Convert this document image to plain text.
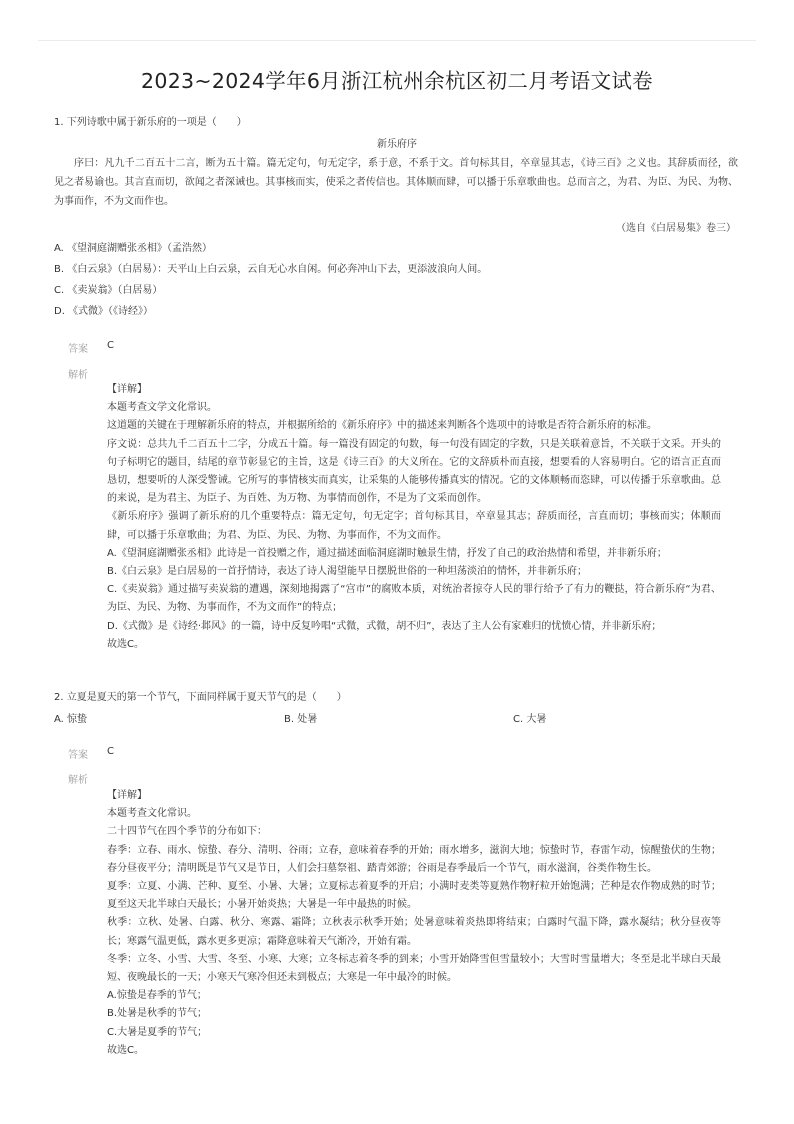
2023~2024学年6月浙江杭州余杭区初二月考语文试卷
1. 下列诗歌中属于新乐府的一项是（　　）
新乐府序
序曰：凡九千二百五十二言，断为五十篇。篇无定句，句无定字，系于意，不系于文。首句标其目，卒章显其志，《诗三百》之义也。其辞质而径，欲见之者易谕也。其言直而切，欲闻之者深诫也。其事核而实，使采之者传信也。其体顺而肆，可以播于乐章歌曲也。总而言之，为君、为臣、为民、为物、为事而作，不为文而作也。
（选自《白居易集》卷三）
A. 《望洞庭湖赠张丞相》（孟浩然）
B. 《白云泉》（白居易）：天平山上白云泉，云自无心水自闲。何必奔冲山下去，更添波浪向人间。
C. 《卖炭翁》（白居易）
D. 《式微》（《诗经》）
答案 C
解析

【详解】

本题考查文学文化常识。

这道题的关键在于理解新乐府的特点，并根据所给的《新乐府序》中的描述来判断各个选项中的诗歌是否符合新乐府的标准。

序文说：总共九千二百五十二字，分成五十篇。每一篇没有固定的句数，每一句没有固定的字数，只是关联着意旨，不关联于文采。开头的句子标明它的题目，结尾的章节彰显它的主旨，这是《诗三百》的大义所在。它的文辞质朴而直接，想要看的人容易明白。它的语言正直而恳切，想要听的人深受警诫。它所写的事情核实而真实，让采集的人能够传播真实的情况。它的文体顺畅而恣肆，可以传播于乐章歌曲。总的来说，是为君主、为臣子、为百姓、为万物、为事情而创作，不是为了文采而创作。

《新乐府序》强调了新乐府的几个重要特点：篇无定句，句无定字；首句标其目，卒章显其志；辞质而径，言直而切；事核而实；体顺而肆，可以播于乐章歌曲；为君、为臣、为民、为物、为事而作，不为文而作。

A.《望洞庭湖赠张丞相》此诗是一首投赠之作，通过描述面临洞庭湖时触景生情，抒发了自己的政治热情和希望，并非新乐府；

B.《白云泉》是白居易的一首抒情诗，表达了诗人渴望能早日摆脱世俗的一种坦荡淡泊的情怀，并非新乐府；

C.《卖炭翁》通过描写卖炭翁的遭遇，深刻地揭露了“宫市”的腐败本质，对统治者掠夺人民的罪行给予了有力的鞭挞，符合新乐府“为君、为臣、为民、为物、为事而作，不为文而作”的特点；

D.《式微》是《诗经·邶风》的一篇，诗中反复吟唱“式微，式微，胡不归”，表达了主人公有家难归的忧愤心情，并非新乐府；

故选C。

2. 立夏是夏天的第一个节气，下面同样属于夏天节气的是（　　）
A. 惊蛰	B. 处暑	C. 大暑
答案 C
解析

【详解】

本题考查文化常识。

二十四节气在四个季节的分布如下：

春季：立春、雨水、惊蛰、春分、清明、谷雨；立春，意味着春季的开始；雨水增多，滋润大地；惊蛰时节，春雷乍动，惊醒蛰伏的生物；春分昼夜平分；清明既是节气又是节日，人们会扫墓祭祖、踏青郊游；谷雨是春季最后一个节气，雨水滋润，谷类作物生长。

夏季：立夏、小满、芒种、夏至、小暑、大暑；立夏标志着夏季的开启；小满时麦类等夏熟作物籽粒开始饱满；芒种是农作物成熟的时节；夏至这天北半球白天最长；小暑开始炎热；大暑是一年中最热的时候。

秋季：立秋、处暑、白露、秋分、寒露、霜降；立秋表示秋季开始；处暑意味着炎热即将结束；白露时气温下降，露水凝结；秋分昼夜等长；寒露气温更低，露水更多更凉；霜降意味着天气渐冷，开始有霜。

冬季：立冬、小雪、大雪、冬至、小寒、大寒；立冬标志着冬季的到来；小雪开始降雪但雪量较小；大雪时雪量增大；冬至是北半球白天最短、夜晚最长的一天；小寒天气寒冷但还未到极点；大寒是一年中最冷的时候。

A.惊蛰是春季的节气；

B.处暑是秋季的节气；

C.大暑是夏季的节气；

故选C。
